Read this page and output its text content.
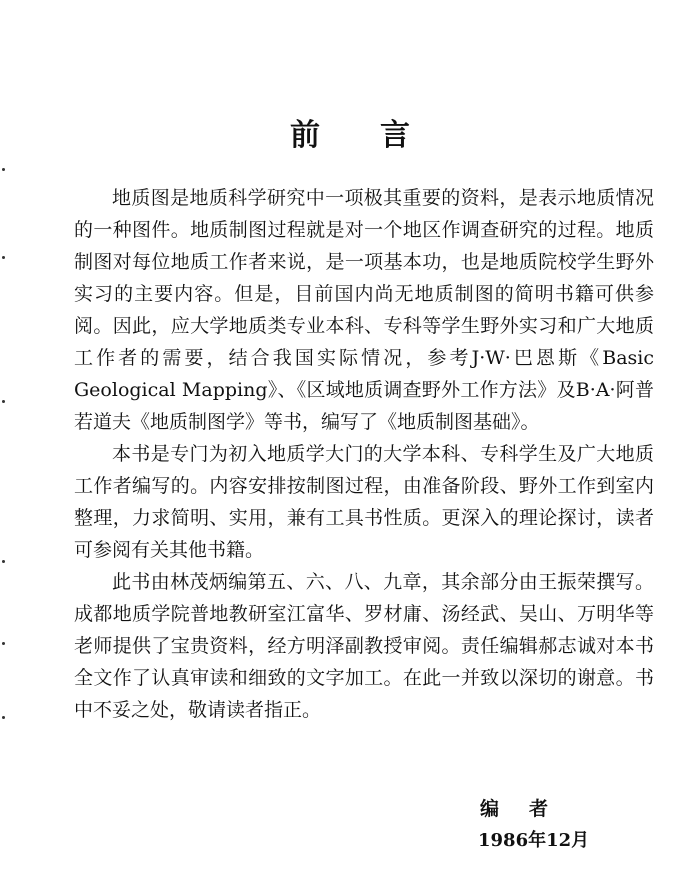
前言

地质图是地质科学研究中一项极其重要的资料，是表示地质情况的一种图件。地质制图过程就是对一个地区作调查研究的过程。地质制图对每位地质工作者来说，是一项基本功，也是地质院校学生野外实习的主要内容。但是，目前国内尚无地质制图的简明书籍可供参阅。因此，应大学地质类专业本科、专科等学生野外实习和广大地质工作者的需要，结合我国实际情况，参考J·W·巴恩斯《Basic Geological Mapping》、《区域地质调查野外工作方法》及B·A·阿普若道夫《地质制图学》等书，编写了《地质制图基础》。

本书是专门为初入地质学大门的大学本科、专科学生及广大地质工作者编写的。内容安排按制图过程，由准备阶段、野外工作到室内整理，力求简明、实用，兼有工具书性质。更深入的理论探讨，读者可参阅有关其他书籍。

此书由林茂炳编第五、六、八、九章，其余部分由王振荣撰写。成都地质学院普地教研室江富华、罗材庸、汤经武、吴山、万明华等老师提供了宝贵资料，经方明泽副教授审阅。责任编辑郝志诚对本书全文作了认真审读和细致的文字加工。在此一并致以深切的谢意。书中不妥之处，敬请读者指正。

编者

1986年12月
